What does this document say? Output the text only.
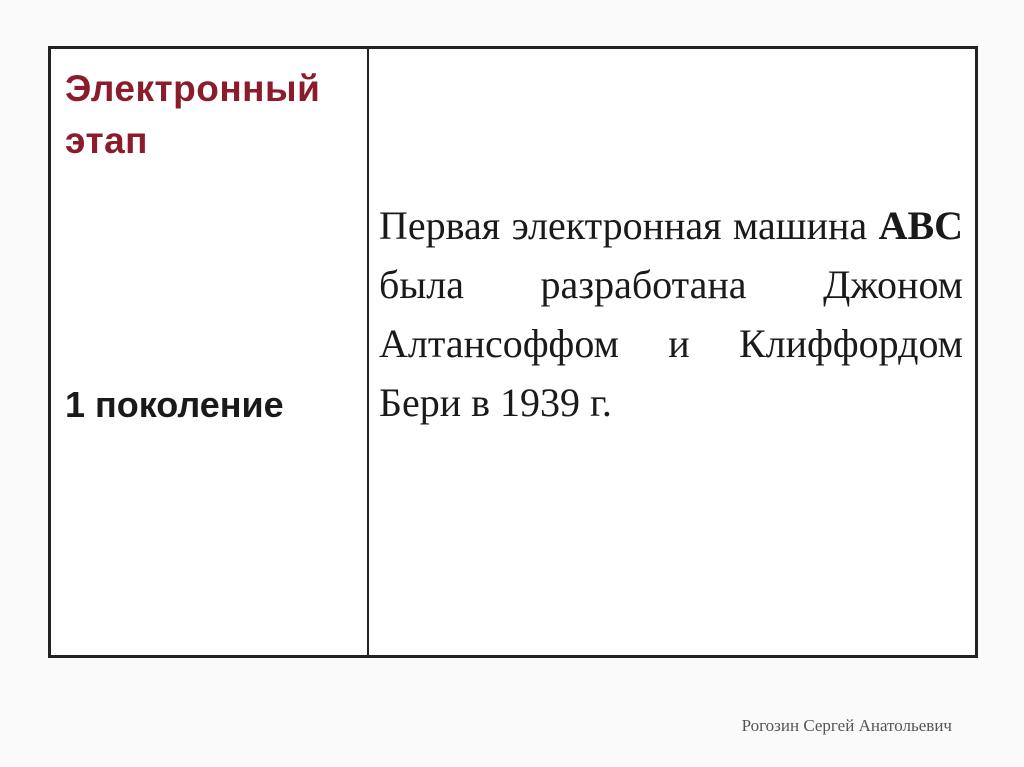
Электронный этап

1 поколение

Первая электронная машина ABC была разработана Джоном Алтансоффом и Клиффордом Бери в 1939 г.

Рогозин Сергей Анатольевич
